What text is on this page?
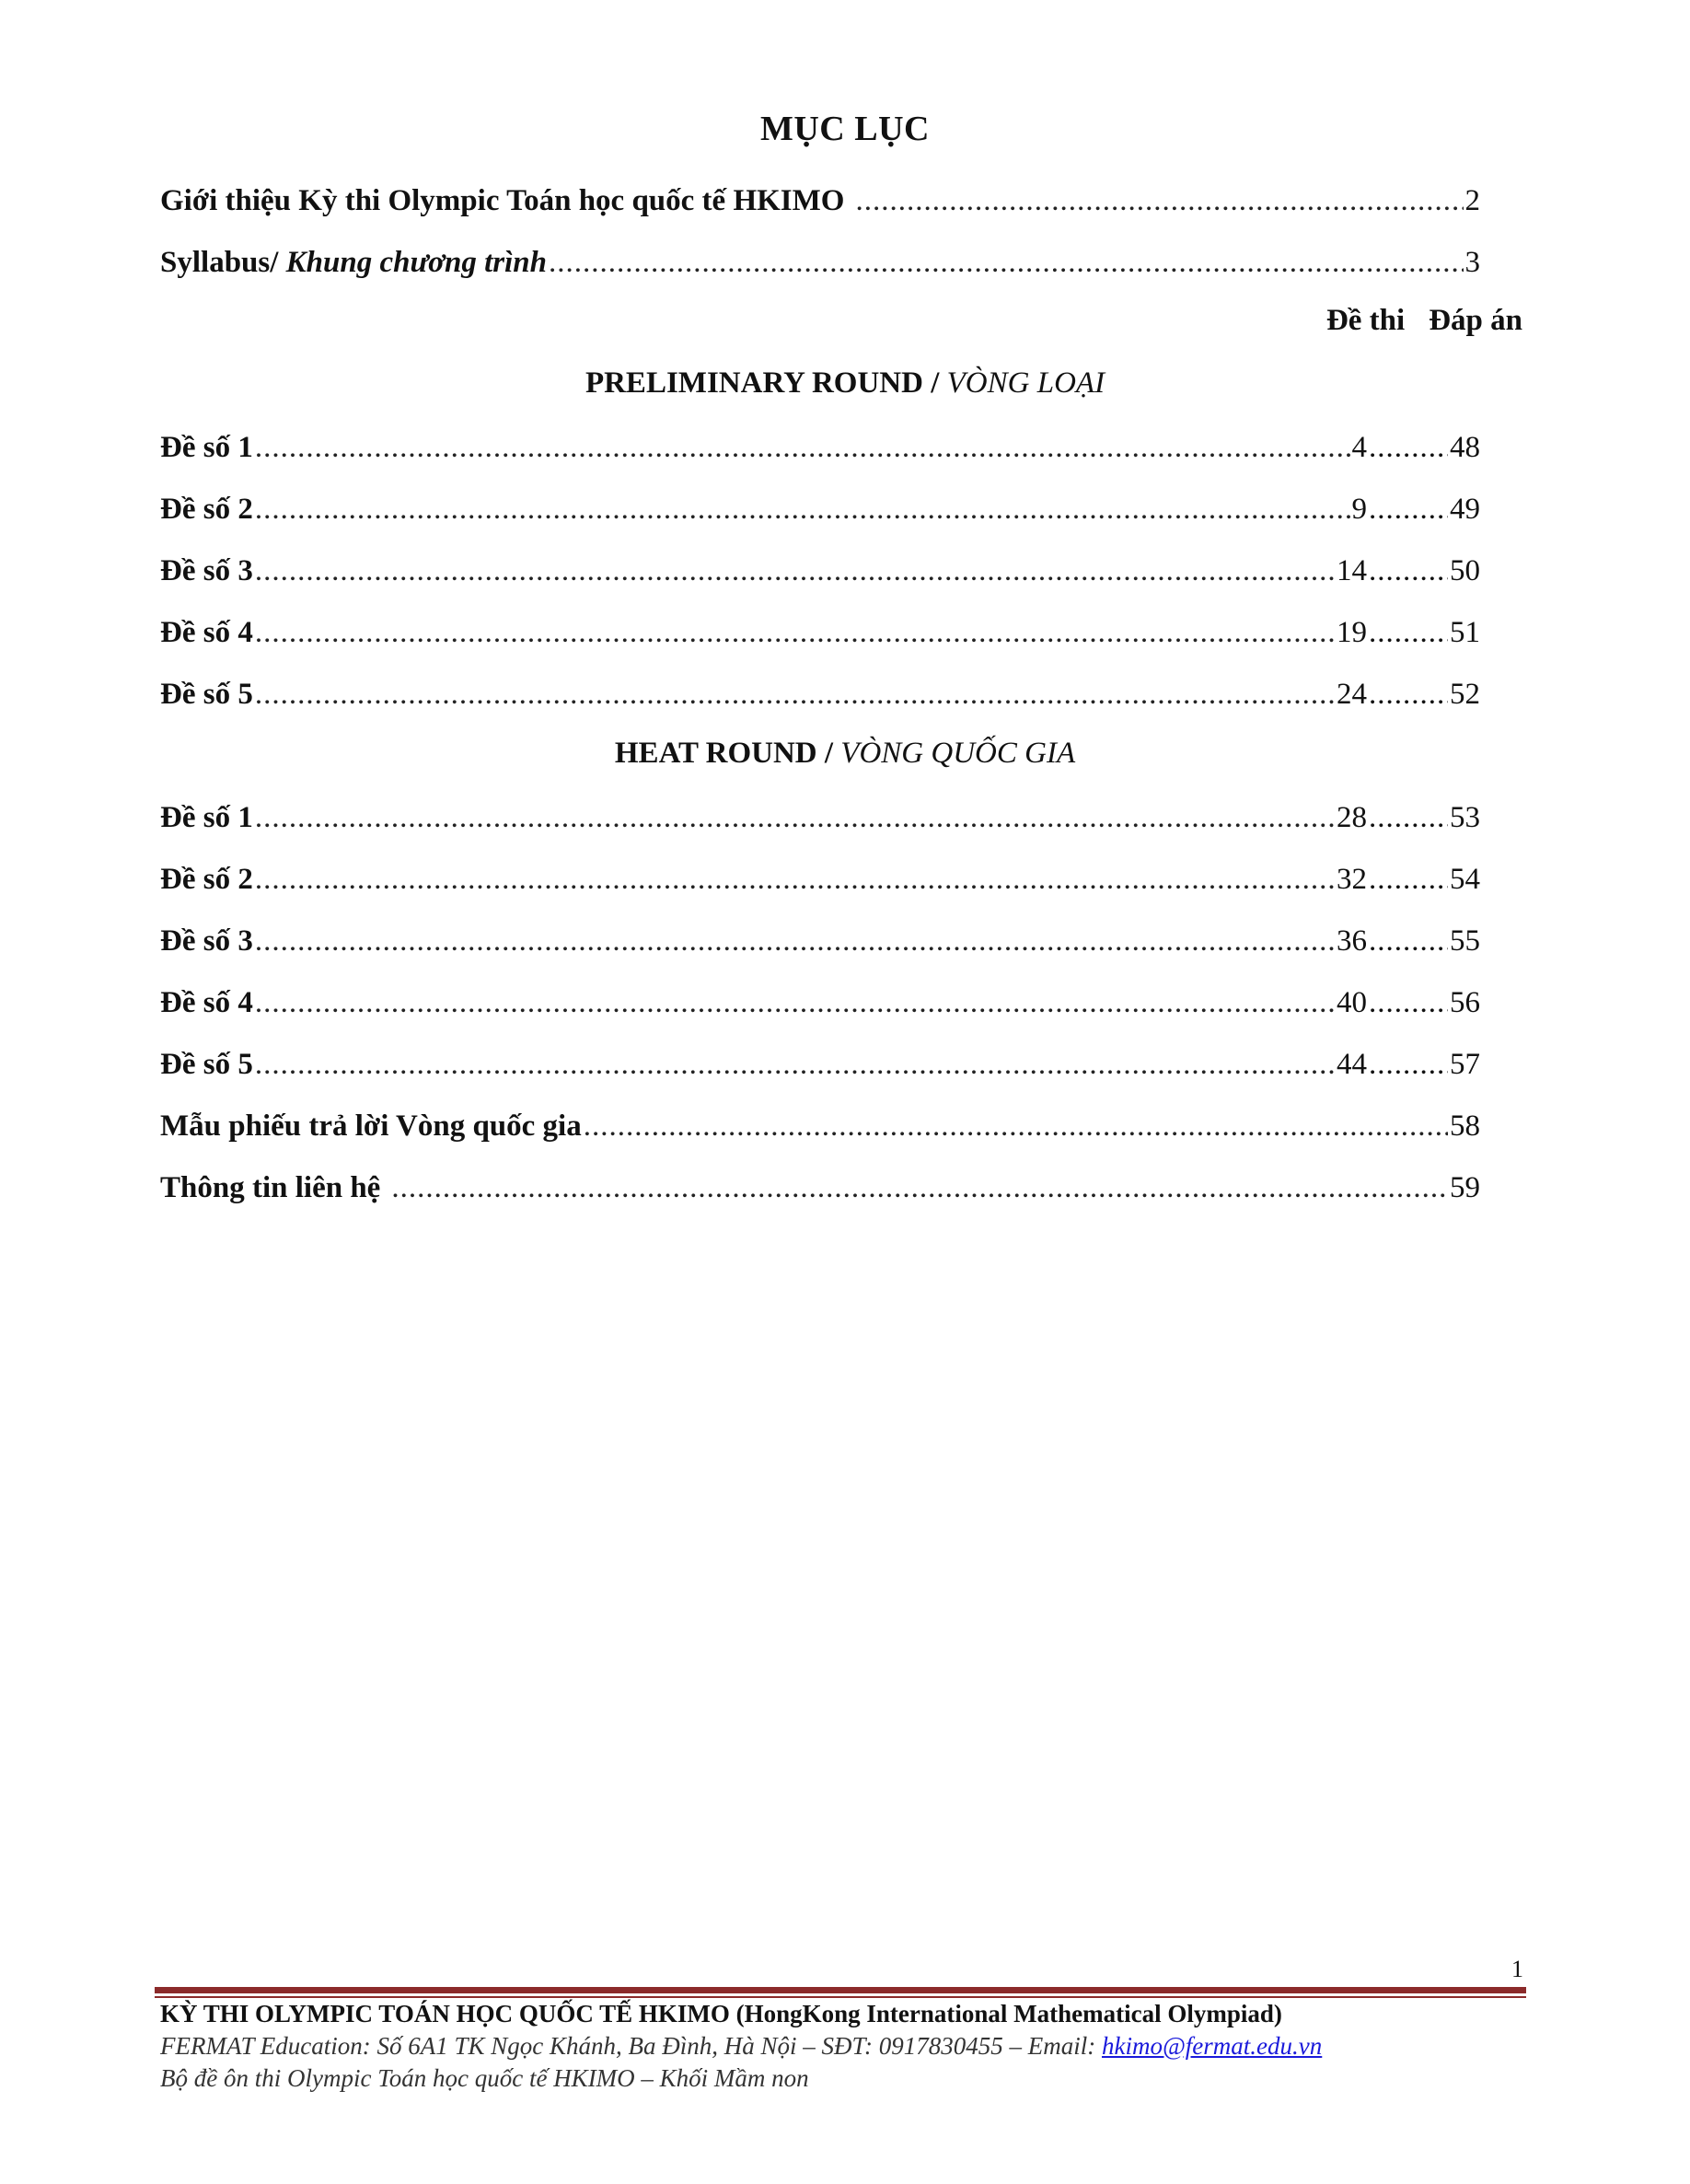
MỤC LỤC
Giới thiệu Kỳ thi Olympic Toán học quốc tế HKIMO .....	2
Syllabus/ Khung chương trình .....	3
Đề thi Đáp án
PRELIMINARY ROUND / VÒNG LOẠI
Đề số 1 .....	4 .....	48
Đề số 2 .....	9 .....	49
Đề số 3 .....	14 .....	50
Đề số 4 .....	19 .....	51
Đề số 5 .....	24 .....	52
HEAT ROUND / VÒNG QUỐC GIA
Đề số 1 .....	28 .....	53
Đề số 2 .....	32 .....	54
Đề số 3 .....	36 .....	55
Đề số 4 .....	40 .....	56
Đề số 5 .....	44 .....	57
Mẫu phiếu trả lời Vòng quốc gia .....	58
Thông tin liên hệ .....	59
1
KỲ THI OLYMPIC TOÁN HỌC QUỐC TẾ HKIMO (HongKong International Mathematical Olympiad)
FERMAT Education: Số 6A1 TK Ngọc Khánh, Ba Đình, Hà Nội – SĐT: 0917830455 – Email: hkimo@fermat.edu.vn
Bộ đề ôn thi Olympic Toán học quốc tế HKIMO – Khối Mầm non
